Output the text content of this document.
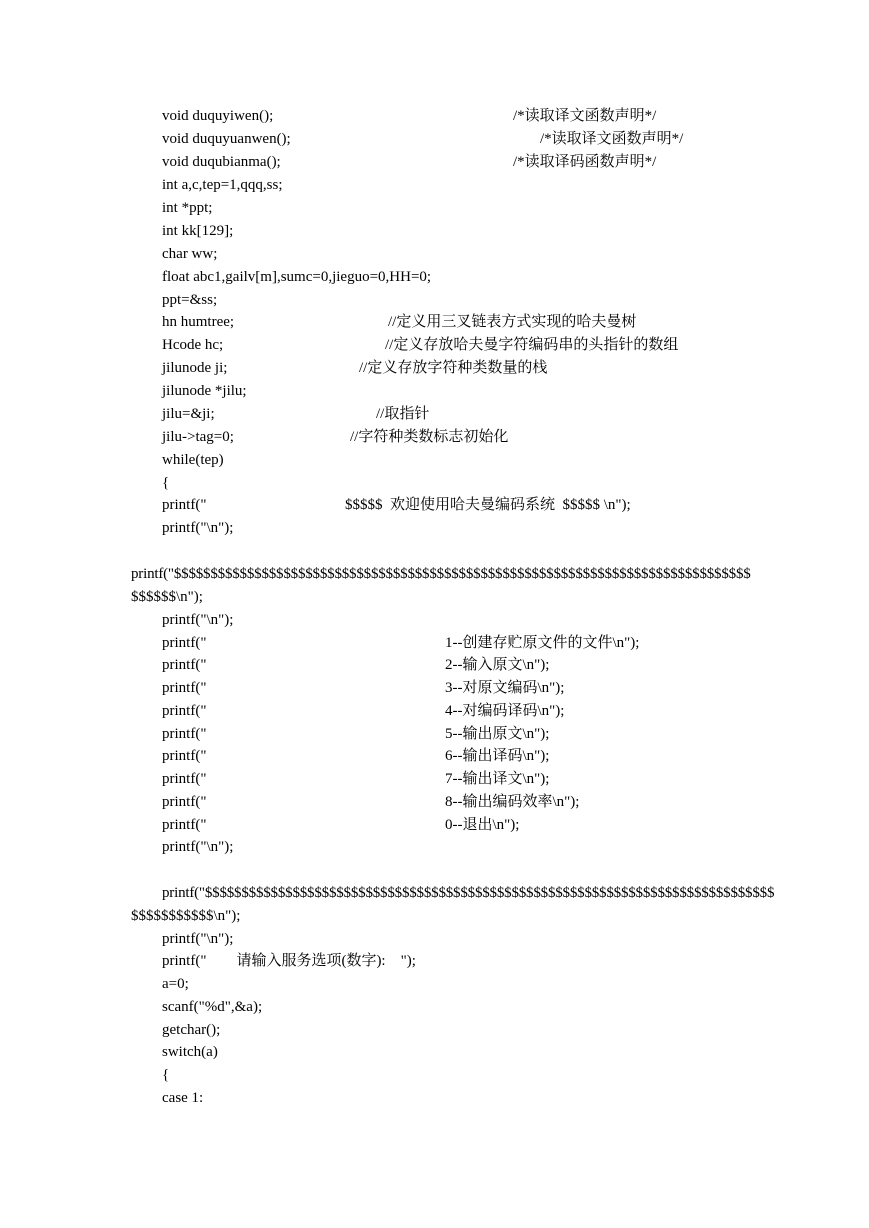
void duquyiwen();	/*读取译文函数声明*/
void duquyuanwen();	/*读取译文函数声明*/
void duqubianma();	/*读取译码函数声明*/
int a,c,tep=1,qqq,ss;
int *ppt;
int kk[129];
char ww;
float abc1,gailv[m],sumc=0,jieguo=0,HH=0;
ppt=&ss;
hn humtree;	//定义用三叉链表方式实现的哈夫曼树
Hcode hc;	//定义存放哈夫曼字符编码串的头指针的数组
jilunode ji;	//定义存放字符种类数量的栈
jilunode *jilu;
jilu=&ji;	//取指针
jilu->tag=0;	//字符种类数标志初始化
while(tep)
{
printf("	$$$$$  欢迎使用哈夫曼编码系统  $$$$$ \n");
printf("\n");
printf("$$$$$$$$$$$$$$$$$$$$$$$$$$$$$$$$$$$$$$$$$$$$$$$$$$$$$$$$$$$$$$$$$$$$$$$$$$$$$$$
$$$$$$\n");
printf("\n");
printf("	1--创建存贮原文件的文件\n");
printf("	2--输入原文\n");
printf("	3--对原文编码\n");
printf("	4--对编码译码\n");
printf("	5--输出原文\n");
printf("	6--输出译码\n");
printf("	7--输出译文\n");
printf("	8--输出编码效率\n");
printf("	0--退出\n");
printf("\n");
printf("$$$$$$$$$$$$$$$$$$$$$$$$$$$$$$$$$$$$$$$$$$$$$$$$$$$$$$$$$$$$$$$$$$$$$$$$$$$$$$
$$$$$$$$$$$\n");
printf("\n");
printf("        请输入服务选项(数字):    ");
a=0;
scanf("%d",&a);
getchar();
switch(a)
{
case 1:
